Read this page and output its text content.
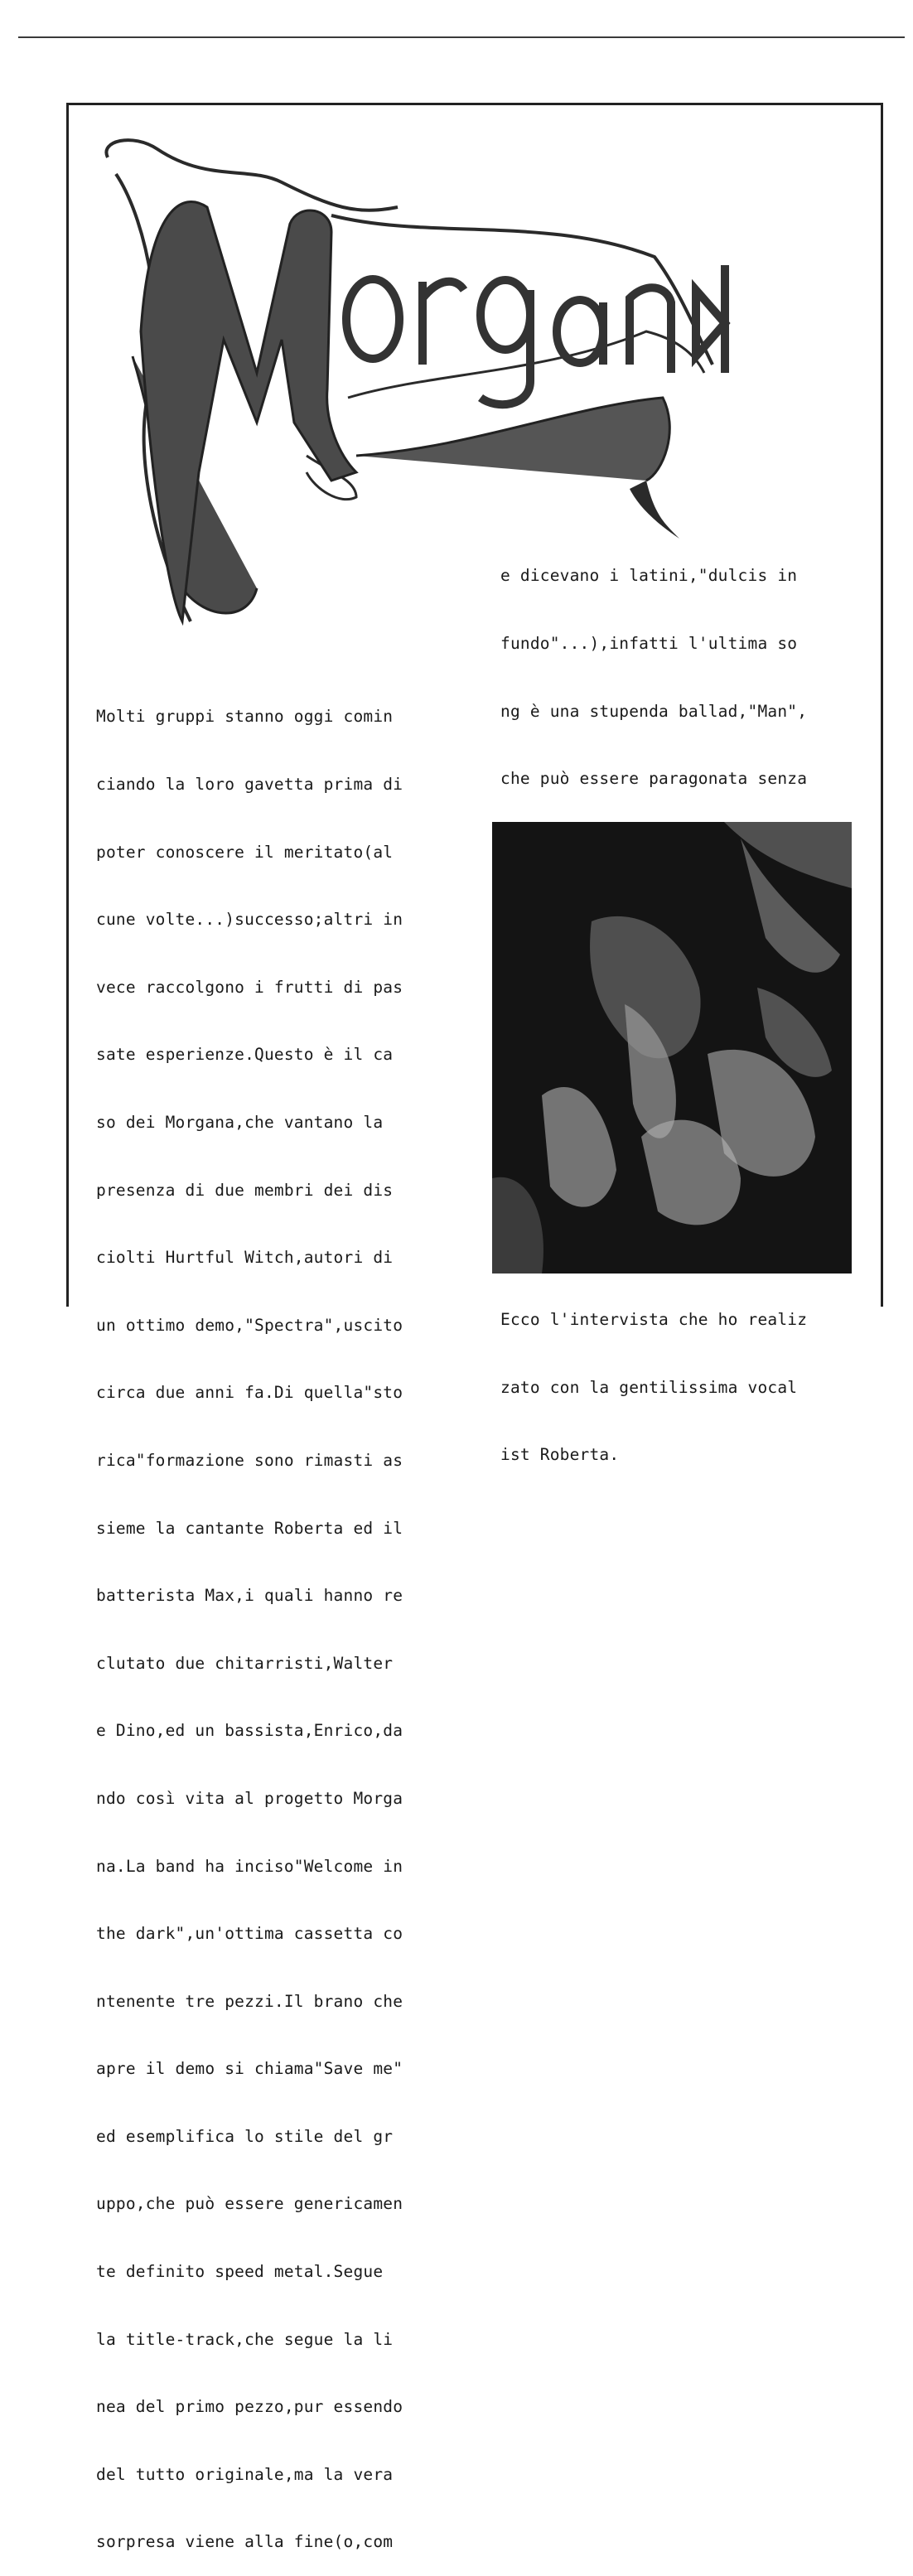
Molti gruppi stanno oggi comin

ciando la loro gavetta prima di

poter conoscere il meritato(al

cune volte...)successo;altri in

vece raccolgono i frutti di pas

sate esperienze.Questo è il ca

so dei Morgana,che vantano la

presenza di due membri dei dis

ciolti Hurtful Witch,autori di

un ottimo demo,"Spectra",uscito

circa due anni fa.Di quella"sto

rica"formazione sono rimasti as

sieme la cantante Roberta ed il

batterista Max,i quali hanno re

clutato due chitarristi,Walter

e Dino,ed un bassista,Enrico,da

ndo così vita al progetto Morga

na.La band ha inciso"Welcome in

the dark",un'ottima cassetta co

ntenente tre pezzi.Il brano che

apre il demo si chiama"Save me"

ed esemplifica lo stile del gr

uppo,che può essere genericamen

te definito speed metal.Segue

la title-track,che segue la li

nea del primo pezzo,pur essendo

del tutto originale,ma la vera

sorpresa viene alla fine(o,com

e dicevano i latini,"dulcis in

fundo"...),infatti l'ultima so

ng è una stupenda ballad,"Man",

che può essere paragonata senza

Ecco l'intervista che ho realiz

zato con la gentilissima vocal

ist Roberta.
